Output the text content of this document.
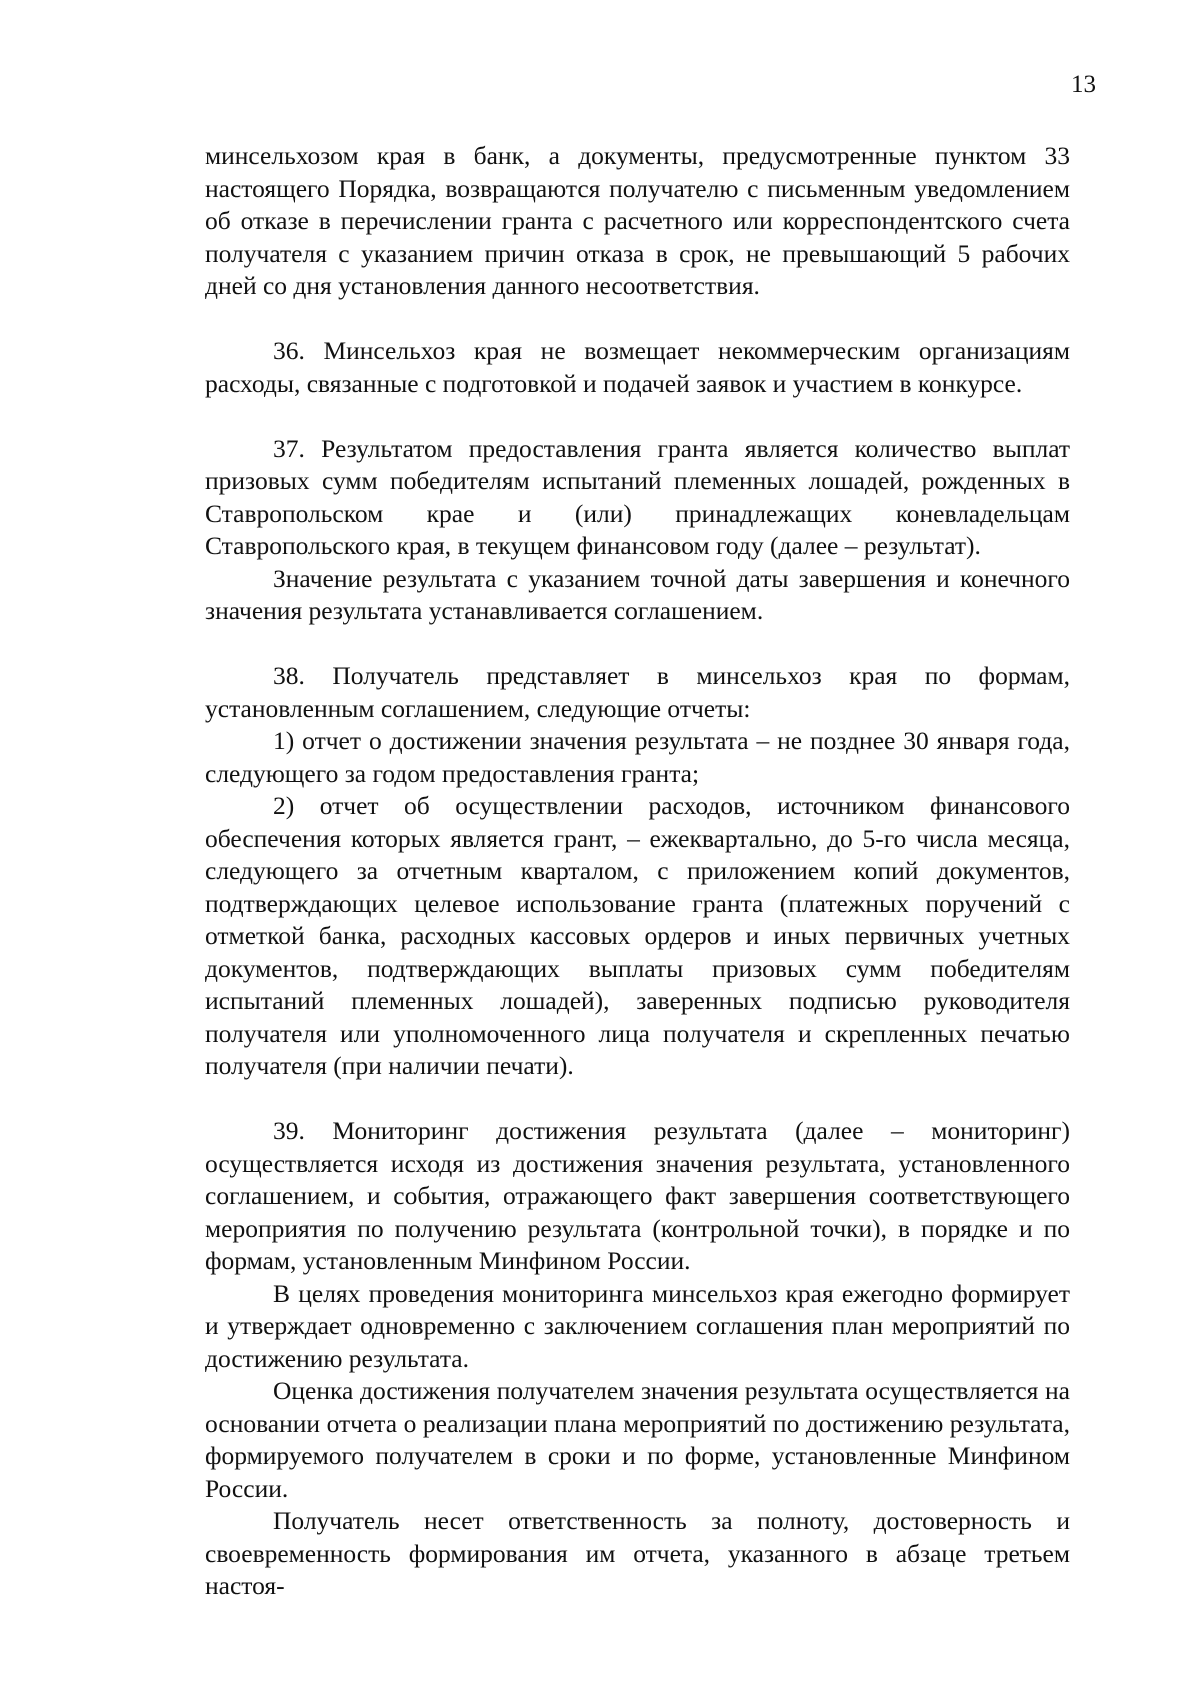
13

минсельхозом края в банк, а документы, предусмотренные пунктом 33 настоящего Порядка, возвращаются получателю с письменным уведомлением об отказе в перечислении гранта с расчетного или корреспондентского счета получателя с указанием причин отказа в срок, не превышающий 5 рабочих дней со дня установления данного несоответствия.

36. Минсельхоз края не возмещает некоммерческим организациям расходы, связанные с подготовкой и подачей заявок и участием в конкурсе.

37. Результатом предоставления гранта является количество выплат призовых сумм победителям испытаний племенных лошадей, рожденных в Ставропольском крае и (или) принадлежащих коневладельцам Ставропольского края, в текущем финансовом году (далее – результат).

Значение результата с указанием точной даты завершения и конечного значения результата устанавливается соглашением.

38. Получатель представляет в минсельхоз края по формам, установленным соглашением, следующие отчеты:

1) отчет о достижении значения результата – не позднее 30 января года, следующего за годом предоставления гранта;

2) отчет об осуществлении расходов, источником финансового обеспечения которых является грант, – ежеквартально, до 5-го числа месяца, следующего за отчетным кварталом, с приложением копий документов, подтверждающих целевое использование гранта (платежных поручений с отметкой банка, расходных кассовых ордеров и иных первичных учетных документов, подтверждающих выплаты призовых сумм победителям испытаний племенных лошадей), заверенных подписью руководителя получателя или уполномоченного лица получателя и скрепленных печатью получателя (при наличии печати).

39. Мониторинг достижения результата (далее – мониторинг) осуществляется исходя из достижения значения результата, установленного соглашением, и события, отражающего факт завершения соответствующего мероприятия по получению результата (контрольной точки), в порядке и по формам, установленным Минфином России.

В целях проведения мониторинга минсельхоз края ежегодно формирует и утверждает одновременно с заключением соглашения план мероприятий по достижению результата.

Оценка достижения получателем значения результата осуществляется на основании отчета о реализации плана мероприятий по достижению результата, формируемого получателем в сроки и по форме, установленные Минфином России.

Получатель несет ответственность за полноту, достоверность и своевременность формирования им отчета, указанного в абзаце третьем настоя-
